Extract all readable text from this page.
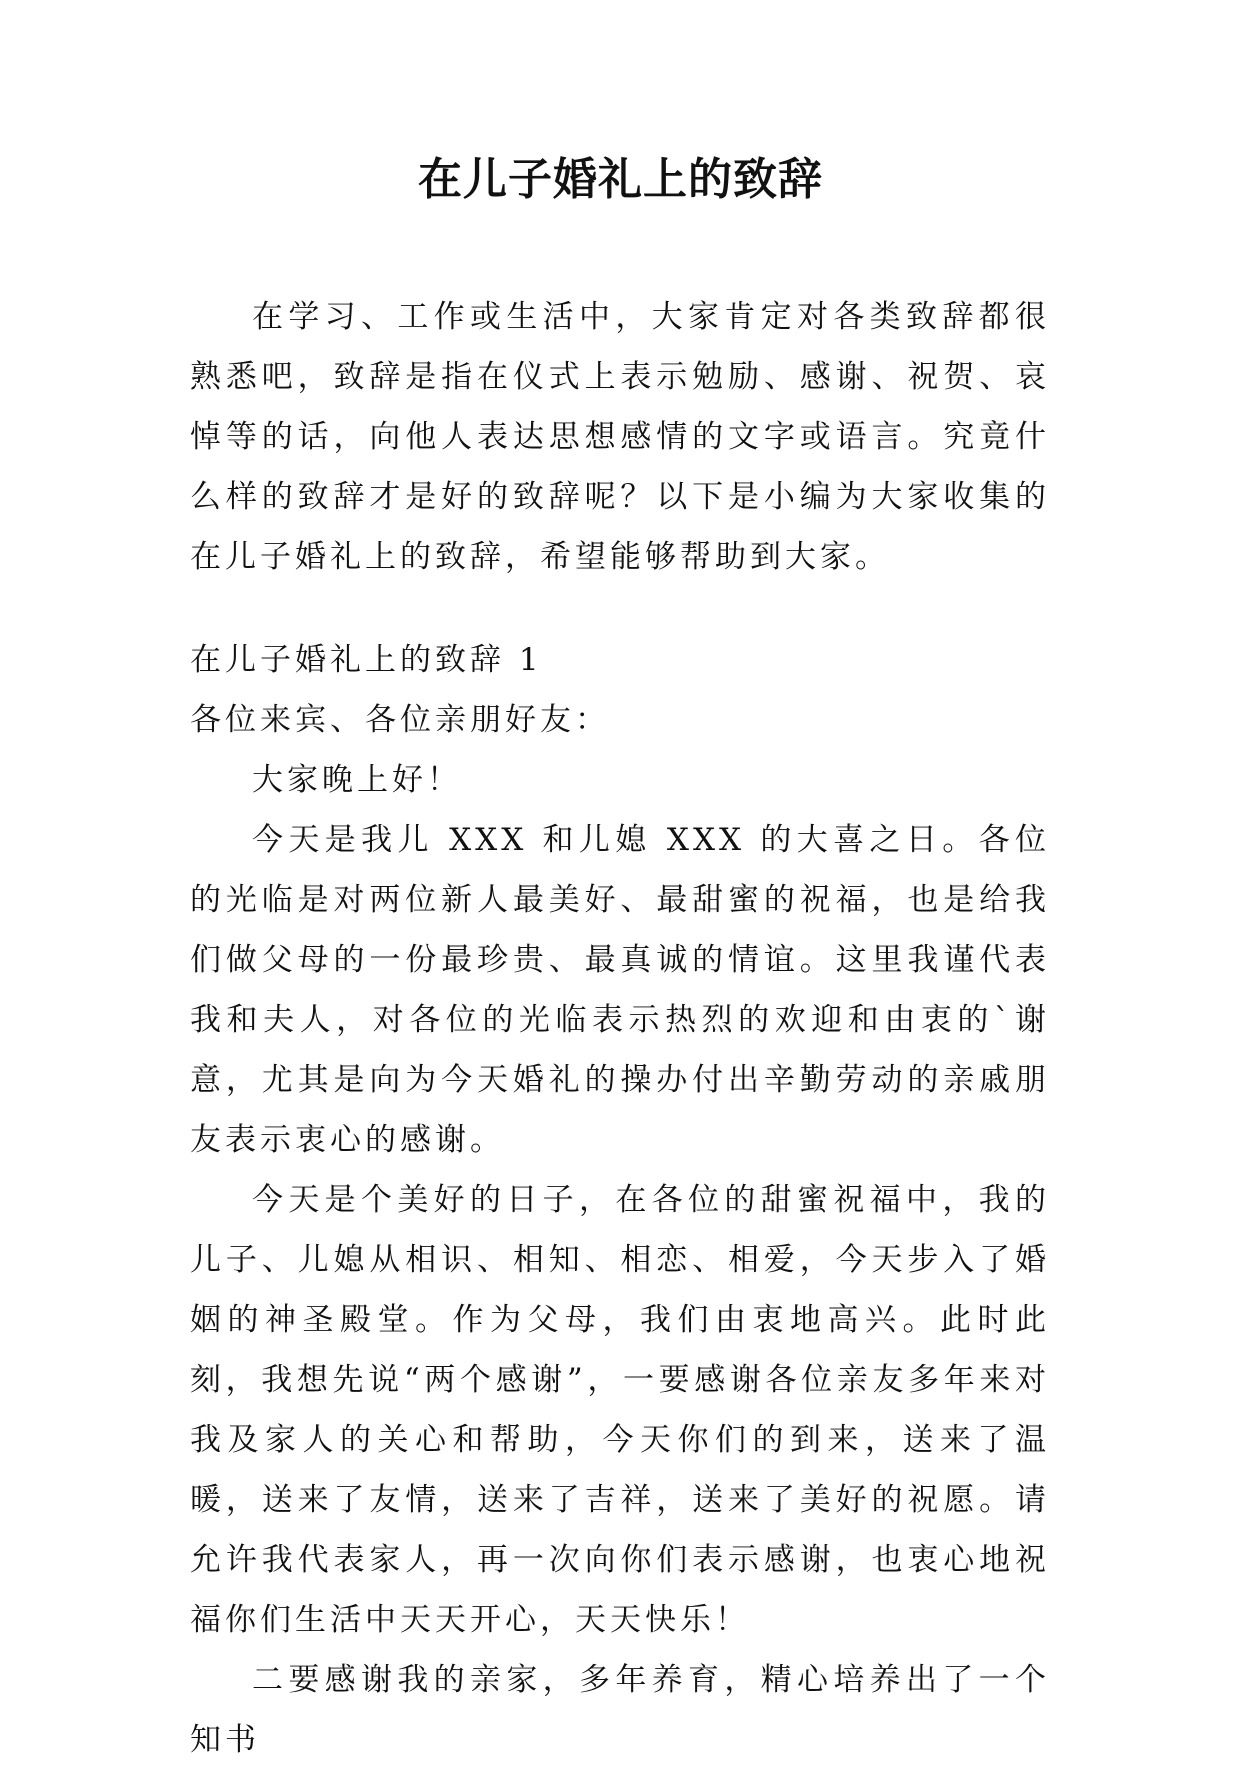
在儿子婚礼上的致辞

在学习、工作或生活中，大家肯定对各类致辞都很熟悉吧，致辞是指在仪式上表示勉励、感谢、祝贺、哀悼等的话，向他人表达思想感情的文字或语言。究竟什么样的致辞才是好的致辞呢？以下是小编为大家收集的在儿子婚礼上的致辞，希望能够帮助到大家。

在儿子婚礼上的致辞 1

各位来宾、各位亲朋好友：

大家晚上好！

今天是我儿 XXX 和儿媳 XXX 的大喜之日。各位的光临是对两位新人最美好、最甜蜜的祝福，也是给我们做父母的一份最珍贵、最真诚的情谊。这里我谨代表我和夫人，对各位的光临表示热烈的欢迎和由衷的`谢意，尤其是向为今天婚礼的操办付出辛勤劳动的亲戚朋友表示衷心的感谢。

今天是个美好的日子，在各位的甜蜜祝福中，我的儿子、儿媳从相识、相知、相恋、相爱，今天步入了婚姻的神圣殿堂。作为父母，我们由衷地高兴。此时此刻，我想先说“两个感谢”，一要感谢各位亲友多年来对我及家人的关心和帮助，今天你们的到来，送来了温暖，送来了友情，送来了吉祥，送来了美好的祝愿。请允许我代表家人，再一次向你们表示感谢，也衷心地祝福你们生活中天天开心，天天快乐！

二要感谢我的亲家，多年养育，精心培养出了一个知书
